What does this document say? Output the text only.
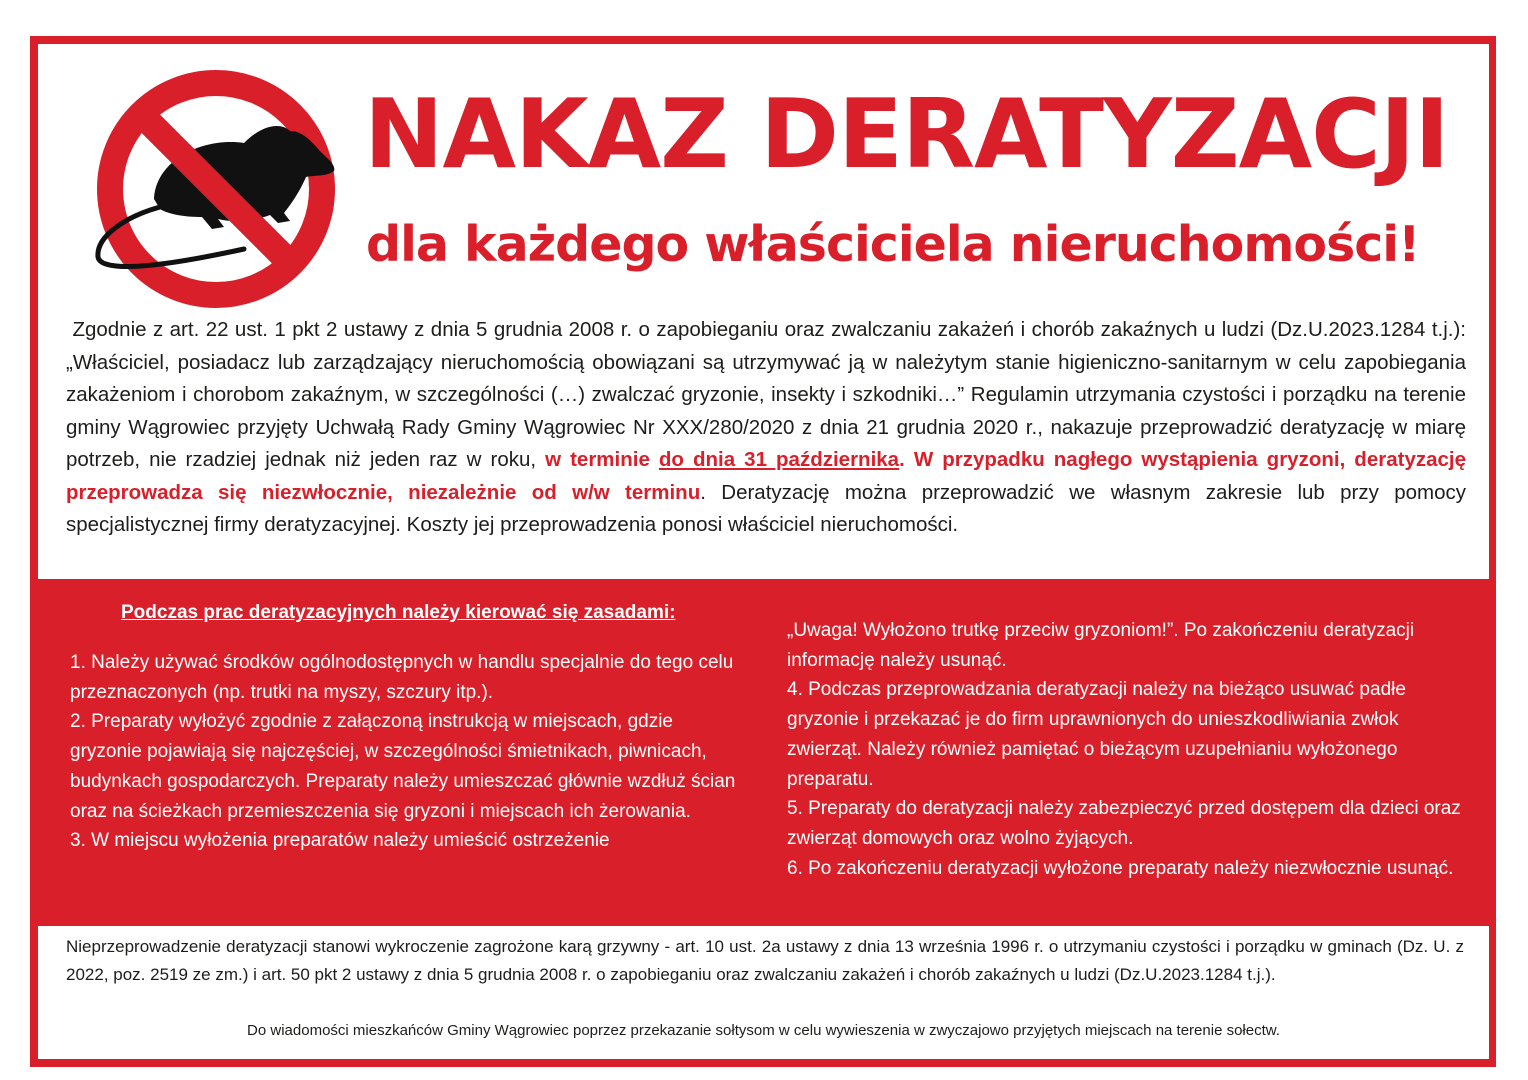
NAKAZ DERATYZACJI
dla każdego właściciela nieruchomości!
Zgodnie z art. 22 ust. 1 pkt 2 ustawy z dnia 5 grudnia 2008 r. o zapobieganiu oraz zwalczaniu zakażeń i chorób zakaźnych u ludzi (Dz.U.2023.1284 t.j.): „Właściciel, posiadacz lub zarządzający nieruchomością obowiązani są utrzymywać ją w należytym stanie higieniczno-sanitarnym w celu zapobiegania zakażeniom i chorobom zakaźnym, w szczególności (…) zwalczać gryzonie, insekty i szkodniki…” Regulamin utrzymania czystości i porządku na terenie gminy Wągrowiec przyjęty Uchwałą Rady Gminy Wągrowiec Nr XXX/280/2020 z dnia 21 grudnia 2020 r., nakazuje przeprowadzić deratyzację w miarę potrzeb, nie rzadziej jednak niż jeden raz w roku, w terminie do dnia 31 października. W przypadku nagłego wystąpienia gryzoni, deratyzację przeprowadza się niezwłocznie, niezależnie od w/w terminu. Deratyzację można przeprowadzić we własnym zakresie lub przy pomocy specjalistycznej firmy deratyzacyjnej. Koszty jej przeprowadzenia ponosi właściciel nieruchomości.
Podczas prac deratyzacyjnych należy kierować się zasadami:

1. Należy używać środków ogólnodostępnych w handlu specjalnie do tego celu przeznaczonych (np. trutki na myszy, szczury itp.).

2. Preparaty wyłożyć zgodnie z załączoną instrukcją w miejscach, gdzie gryzonie pojawiają się najczęściej, w szczególności śmietnikach, piwnicach, budynkach gospodarczych. Preparaty należy umieszczać głównie wzdłuż ścian oraz na ścieżkach przemieszczenia się gryzoni i miejscach ich żerowania.

3. W miejscu wyłożenia preparatów należy umieścić ostrzeżenie

„Uwaga! Wyłożono trutkę przeciw gryzoniom!”. Po zakończeniu deratyzacji informację należy usunąć.

4. Podczas przeprowadzania deratyzacji należy na bieżąco usuwać padłe gryzonie i przekazać je do firm uprawnionych do unieszkodliwiania zwłok zwierząt. Należy również pamiętać o bieżącym uzupełnianiu wyłożonego preparatu.

5. Preparaty do deratyzacji należy zabezpieczyć przed dostępem dla dzieci oraz zwierząt domowych oraz wolno żyjących.

6. Po zakończeniu deratyzacji wyłożone preparaty należy niezwłocznie usunąć.

Nieprzeprowadzenie deratyzacji stanowi wykroczenie zagrożone karą grzywny - art. 10 ust. 2a ustawy z dnia 13 września 1996 r. o utrzymaniu czystości i porządku w gminach (Dz. U. z 2022, poz. 2519 ze zm.) i art. 50 pkt 2 ustawy z dnia 5 grudnia 2008 r. o zapobieganiu oraz zwalczaniu zakażeń i chorób zakaźnych u ludzi (Dz.U.2023.1284 t.j.).
Do wiadomości mieszkańców Gminy Wągrowiec poprzez przekazanie sołtysom w celu wywieszenia w zwyczajowo przyjętych miejscach na terenie sołectw.
